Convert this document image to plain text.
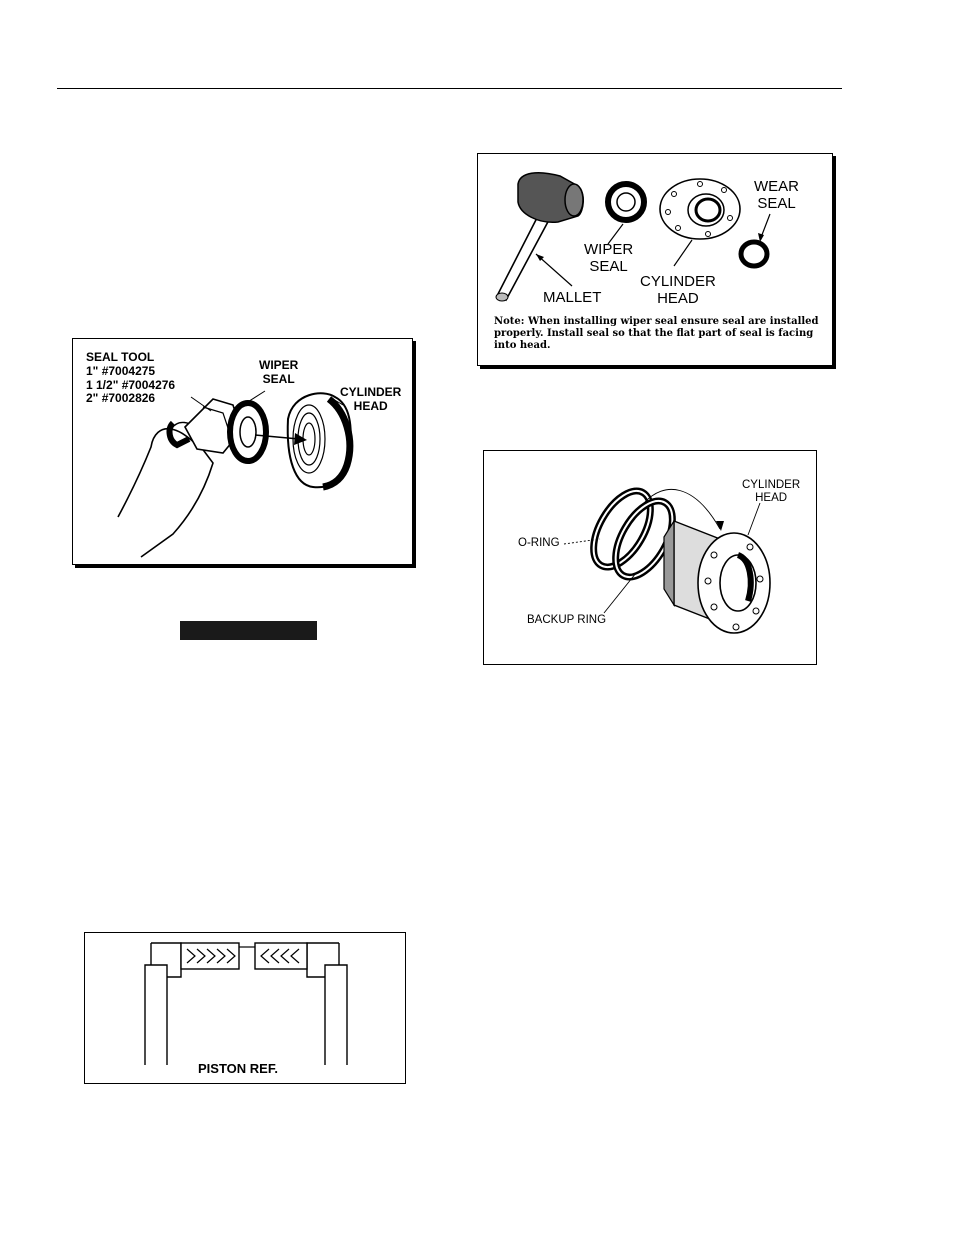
SEAL TOOL
1" #7004275
1 1/2" #7004276
2" #7002826
WIPER
SEAL
CYLINDER
HEAD
MALLET
WIPER
SEAL
CYLINDER
HEAD
WEAR
SEAL
Note: When installing wiper seal ensure seal are installed properly. Install seal so that the flat part of seal is facing into head.
CYLINDER
HEAD
O-RING
BACKUP RING
PISTON REF.
